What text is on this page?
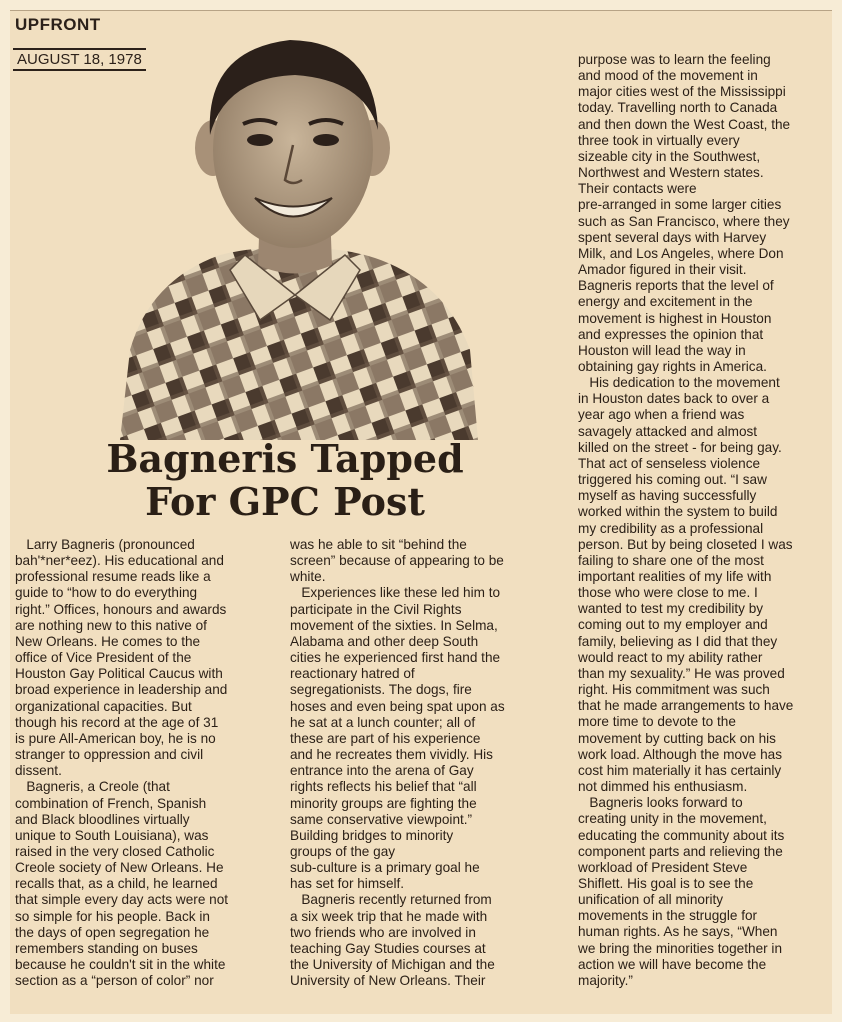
UPFRONT
AUGUST 18, 1978
Bagneris Tapped
For GPC Post

Larry Bagneris (pronounced

bah'*ner*eez). His educational and

professional resume reads like a

guide to “how to do everything

right.” Offices, honours and awards

are nothing new to this native of

New Orleans. He comes to the

office of Vice President of the

Houston Gay Political Caucus with

broad experience in leadership and

organizational capacities. But

though his record at the age of 31

is pure All-American boy, he is no

stranger to oppression and civil

dissent.

Bagneris, a Creole (that

combination of French, Spanish

and Black bloodlines virtually

unique to South Louisiana), was

raised in the very closed Catholic

Creole society of New Orleans. He

recalls that, as a child, he learned

that simple every day acts were not

so simple for his people. Back in

the days of open segregation he

remembers standing on buses

because he couldn't sit in the white

section as a “person of color” nor

was he able to sit “behind the

screen” because of appearing to be

white.

Experiences like these led him to

participate in the Civil Rights

movement of the sixties. In Selma,

Alabama and other deep South

cities he experienced first hand the

reactionary hatred of

segregationists. The dogs, fire

hoses and even being spat upon as

he sat at a lunch counter; all of

these are part of his experience

and he recreates them vividly. His

entrance into the arena of Gay

rights reflects his belief that “all

minority groups are fighting the

same conservative viewpoint.”

Building bridges to minority

groups of the gay

sub-culture is a primary goal he

has set for himself.

Bagneris recently returned from

a six week trip that he made with

two friends who are involved in

teaching Gay Studies courses at

the University of Michigan and the

University of New Orleans. Their

purpose was to learn the feeling

and mood of the movement in

major cities west of the Mississippi

today. Travelling north to Canada

and then down the West Coast, the

three took in virtually every

sizeable city in the Southwest,

Northwest and Western states.

Their contacts were

pre-arranged in some larger cities

such as San Francisco, where they

spent several days with Harvey

Milk, and Los Angeles, where Don

Amador figured in their visit.

Bagneris reports that the level of

energy and excitement in the

movement is highest in Houston

and expresses the opinion that

Houston will lead the way in

obtaining gay rights in America.

His dedication to the movement

in Houston dates back to over a

year ago when a friend was

savagely attacked and almost

killed on the street - for being gay.

That act of senseless violence

triggered his coming out. “I saw

myself as having successfully

worked within the system to build

my credibility as a professional

person. But by being closeted I was

failing to share one of the most

important realities of my life with

those who were close to me. I

wanted to test my credibility by

coming out to my employer and

family, believing as I did that they

would react to my ability rather

than my sexuality.” He was proved

right. His commitment was such

that he made arrangements to have

more time to devote to the

movement by cutting back on his

work load. Although the move has

cost him materially it has certainly

not dimmed his enthusiasm.

Bagneris looks forward to

creating unity in the movement,

educating the community about its

component parts and relieving the

workload of President Steve

Shiflett. His goal is to see the

unification of all minority

movements in the struggle for

human rights. As he says, “When

we bring the minorities together in

action we will have become the

majority.”
